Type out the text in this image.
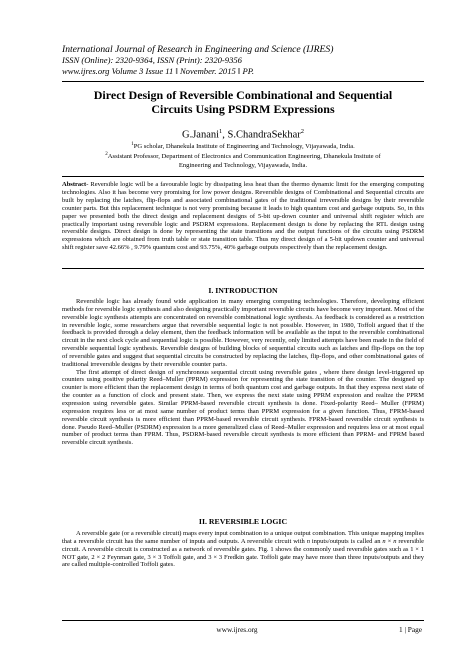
International Journal of Research in Engineering and Science (IJRES)
ISSN (Online): 2320-9364, ISSN (Print): 2320-9356
www.ijres.org Volume 3 Issue 11 ǁ November. 2015 ǁ PP.
Direct Design of Reversible Combinational and Sequential
Circuits Using PSDRM Expressions
G.Janani$^1$, S.ChandraSekhar$^2$
$^1$PG scholar, Dhanekula Institute of Engineering and Technology, Vijayawada, India.
$^2$Assistant Professor, Department of Electronics and Communication Engineering, Dhanekula Insitute of
Engineering and Technology, Vijayawada, India.
Abstract- Reversible logic will be a favourable logic by dissipating less heat than the thermo dynamic limit for the emerging computing technologies. Also it has become very promising for low power designs. Reversible designs of Combinational and Sequential circuits are built by replacing the latches, flip-flops and associated combinational gates of the traditional irreversible designs by their reversible counter parts. But this replacement technique is not very promising because it leads to high quantum cost and garbage outputs. So, in this paper we presented both the direct design and replacement designs of 5-bit up-down counter and universal shift register which are practically important using reversible logic and PSDRM expressions. Replacement design is done by replacing the RTL design using reversible designs. Direct design is done by representing the state transitions and the output functions of the circuits using PSDRM expressions which are obtained from truth table or state transition table. Thus my direct design of a 5-bit updown counter and universal shift register save 42.66% , 9.79% quantum cost and 93.75%, 40% garbage outputs respectively than the replacement design.
I. INTRODUCTION

Reversible logic has already found wide application in many emerging computing technologies. Therefore, developing efficient methods for reversible logic synthesis and also designing practically important reversible circuits have become very important. Most of the reversible logic synthesis attempts are concentrated on reversible combinational logic synthesis. As feedback is considered as a restriction in reversible logic, some researchers argue that reversible sequential logic is not possible. However, in 1980, Toffoli argued that if the feedback is provided through a delay element, then the feedback information will be available as the input to the reversible combinational circuit in the next clock cycle and sequential logic is possible. However, very recently, only limited attempts have been made in the field of reversible sequential logic synthesis. Reversible designs of building blocks of sequential circuits such as latches and flip-flops on the top of reversible gates and suggest that sequential circuits be constructed by replacing the latches, flip-flops, and other combinational gates of traditional irreversible designs by their reversible counter parts.

The first attempt of direct design of synchronous sequential circuit using reversible gates , where there design level-triggered up counters using positive polarity Reed–Muller (PPRM) expression for representing the state transition of the counter. The designed up counter is more efficient than the replacement design in terms of both quantum cost and garbage outputs. In that they express next state of the counter as a function of clock and present state. Then, we express the next state using PPRM expression and realize the PPRM expression using reversible gates. Similar PPRM-based reversible circuit synthesis is done. Fixed-polarity Reed– Muller (FPRM) expression requires less or at most same number of product terms than PPRM expression for a given function. Thus, FPRM-based reversible circuit synthesis is more efficient than PPRM-based reversible circuit synthesis. FPRM-based reversible circuit synthesis is done. Pseudo Reed–Muller (PSDRM) expression is a more generalized class of Reed–Muller expression and requires less or at most equal number of product terms than FPRM. Thus, PSDRM-based reversible circuit synthesis is more efficient than PPRM- and FPRM based reversible circuit synthesis.

II. REVERSIBLE LOGIC

A reversible gate (or a reversible circuit) maps every input combination to a unique output combination. This unique mapping implies that a reversible circuit has the same number of inputs and outputs. A reversible circuit with n inputs/outputs is called an n × n reversible circuit. A reversible circuit is constructed as a network of reversible gates. Fig. 1 shows the commonly used reversible gates such as 1 × 1 NOT gate, 2 × 2 Feynman gate, 3 × 3 Toffoli gate, and 3 × 3 Fredkin gate. Toffoli gate may have more than three inputs/outputs and they are called multiple-controlled Toffoli gates.

www.ijres.org	1 | Page
